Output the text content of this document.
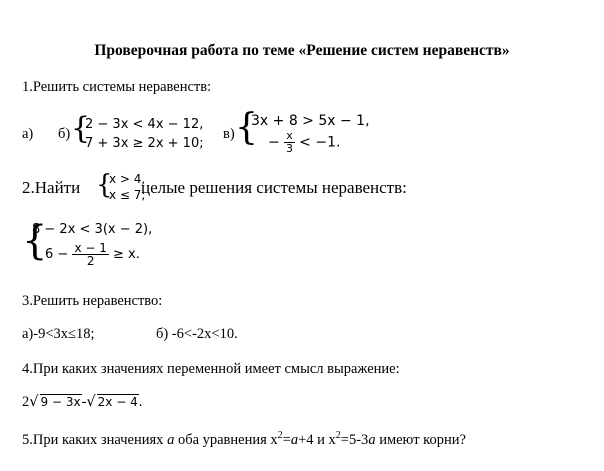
Проверочная работа по теме «Решение систем неравенств»
1.Решить системы неравенств:
а) б) {
2 − 3x < 4x − 12,
7 + 3x ≥ 2x + 10;
в) {
3x + 8 > 5x − 1,
− $\frac{x}{3} < -1$.
2.Найти {
x > 4,
x ≤ 7;
целые решения системы неравенств:
{
8 − 2x < 3(x − 2),
$6 - \frac{x - 1}{2} \ge x$.
3.Решить неравенство:
а)-9<3x≤18;	б) -6<-2x<10.
4.При каких значениях переменной имеет смысл выражение:
2√ 9 − 3x-√ 2x − 4.
5.При каких значениях а оба уравнения $x^2=а+4$ и $x^2=5-3а$ имеют корни?
